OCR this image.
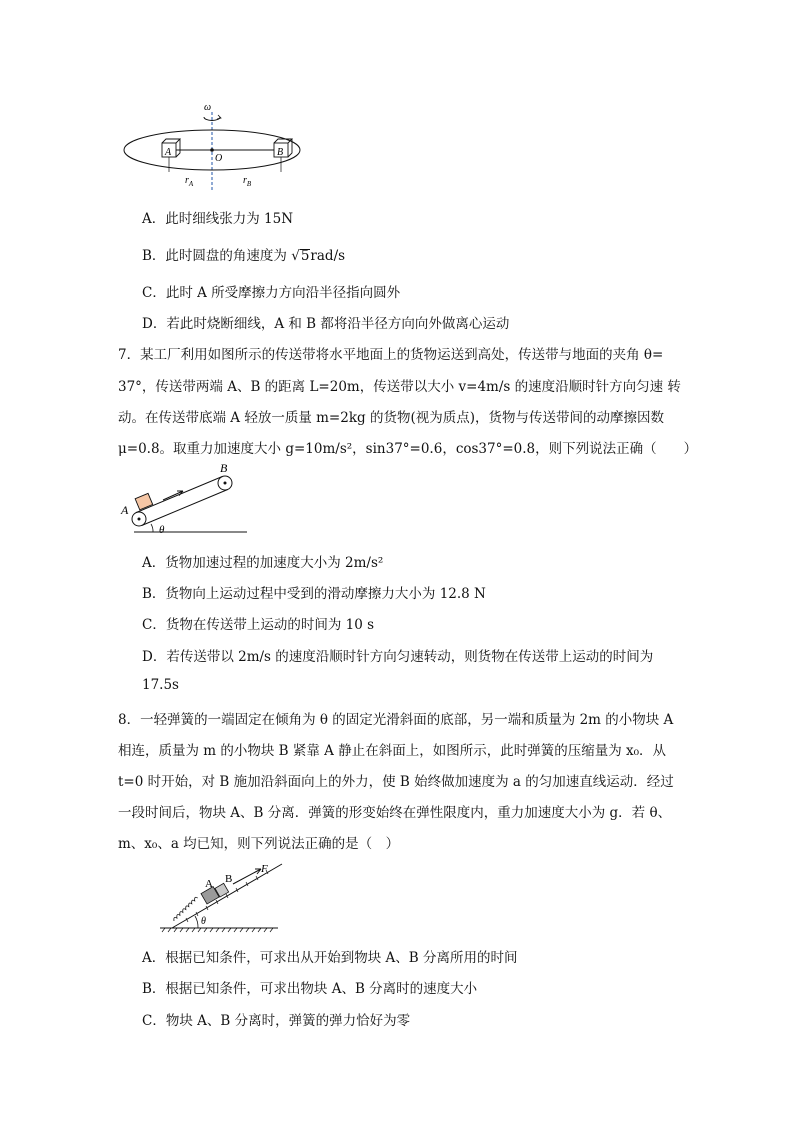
ω
A	B
O
$r_A$	$r_B$
A．此时细线张力为 15N
B．此时圆盘的角速度为 √5rad/s
C．此时 A 所受摩擦力方向沿半径指向圆外
D．若此时烧断细线，A 和 B 都将沿半径方向向外做离心运动
7．某工厂利用如图所示的传送带将水平地面上的货物运送到高处，传送带与地面的夹角 θ=
37°，传送带两端 A、B 的距离 L=20m，传送带以大小 v=4m/s 的速度沿顺时针方向匀速 转
动。在传送带底端 A 轻放一质量 m=2kg 的货物(视为质点)，货物与传送带间的动摩擦因数
μ=0.8。取重力加速度大小 g=10m/s²，sin37°=0.6，cos37°=0.8，则下列说法正确（　　）
θ
A
B
A．货物加速过程的加速度大小为 2m/s²
B．货物向上运动过程中受到的滑动摩擦力大小为 12.8 N
C．货物在传送带上运动的时间为 10 s
D．若传送带以 2m/s 的速度沿顺时针方向匀速转动，则货物在传送带上运动的时间为
17.5s
8．一轻弹簧的一端固定在倾角为 θ 的固定光滑斜面的底部，另一端和质量为 2m 的小物块 A
相连，质量为 m 的小物块 B 紧靠 A 静止在斜面上，如图所示，此时弹簧的压缩量为 x₀．从
t=0 时开始，对 B 施加沿斜面向上的外力，使 B 始终做加速度为 a 的匀加速直线运动．经过
一段时间后，物块 A、B 分离．弹簧的形变始终在弹性限度内，重力加速度大小为 g．若 θ、
m、x₀、a 均已知，则下列说法正确的是（　）
F
A B
θ
A．根据已知条件，可求出从开始到物块 A、B 分离所用的时间
B．根据已知条件，可求出物块 A、B 分离时的速度大小
C．物块 A、B 分离时，弹簧的弹力恰好为零
